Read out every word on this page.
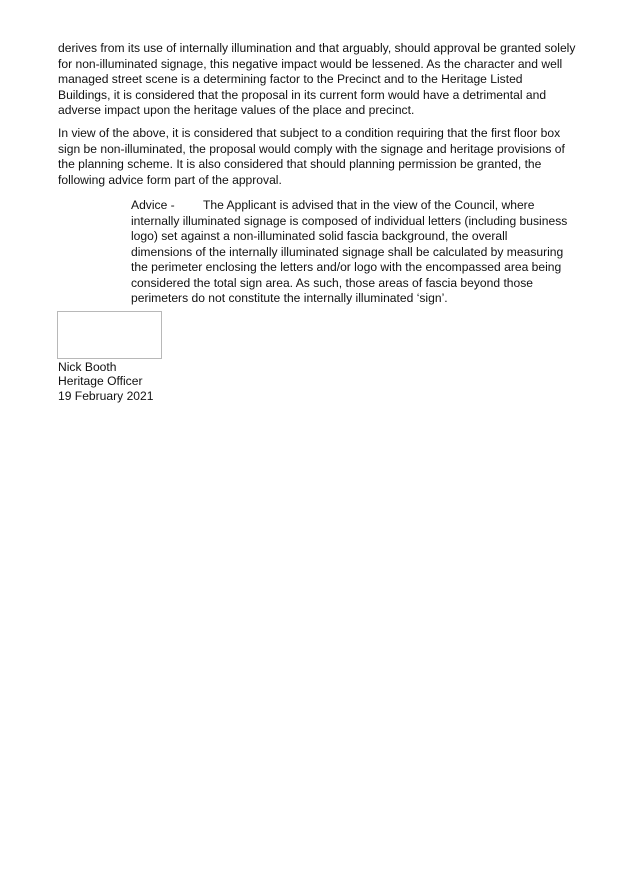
derives from its use of internally illumination and that arguably, should approval be granted solely for non-illuminated signage, this negative impact would be lessened. As the character and well managed street scene is a determining factor to the Precinct and to the Heritage Listed Buildings, it is considered that the proposal in its current form would have a detrimental and adverse impact upon the heritage values of the place and precinct.

In view of the above, it is considered that subject to a condition requiring that the first floor box sign be non-illuminated, the proposal would comply with the signage and heritage provisions of the planning scheme. It is also considered that should planning permission be granted, the following advice form part of the approval.

Advice - The Applicant is advised that in the view of the Council, where internally illuminated signage is composed of individual letters (including business logo) set against a non-illuminated solid fascia background, the overall dimensions of the internally illuminated signage shall be calculated by measuring the perimeter enclosing the letters and/or logo with the encompassed area being considered the total sign area. As such, those areas of fascia beyond those perimeters do not constitute the internally illuminated ‘sign’.

Nick Booth
Heritage Officer
19 February 2021
